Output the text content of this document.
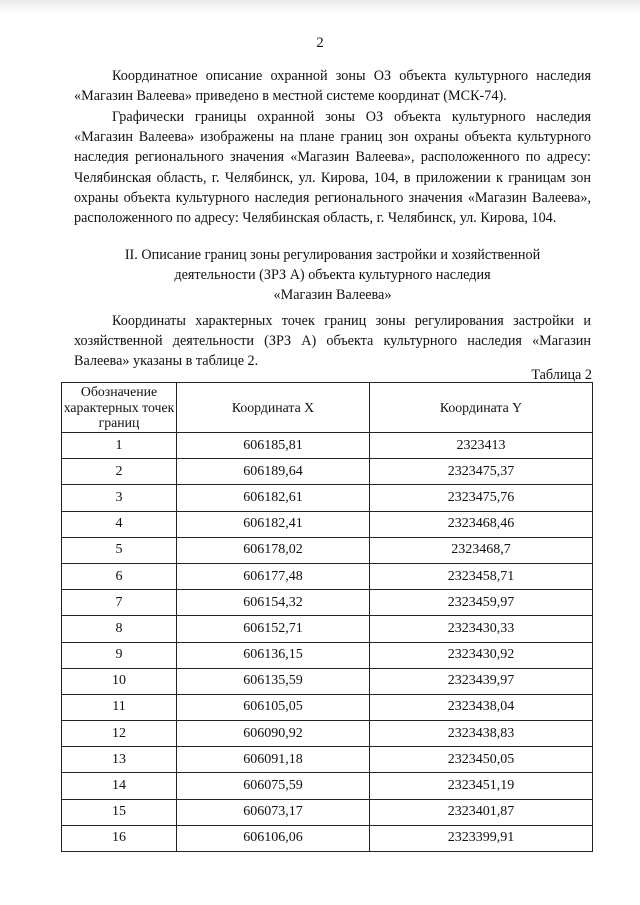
2

Координатное описание охранной зоны ОЗ объекта культурного наследия «Магазин Валеева» приведено в местной системе координат (МСК-74).

Графически границы охранной зоны ОЗ объекта культурного наследия «Магазин Валеева» изображены на плане границ зон охраны объекта культурного наследия регионального значения «Магазин Валеева», расположенного по адресу: Челябинская область, г. Челябинск, ул. Кирова, 104, в приложении к границам зон охраны объекта культурного наследия регионального значения «Магазин Валеева», расположенного по адресу: Челябинская область, г. Челябинск, ул. Кирова, 104.

II. Описание границ зоны регулирования застройки и хозяйственной
деятельности (ЗРЗ А) объекта культурного наследия
«Магазин Валеева»

Координаты характерных точек границ зоны регулирования застройки и хозяйственной деятельности (ЗРЗ А) объекта культурного наследия «Магазин Валеева» указаны в таблице 2.

Таблица 2
Обозначение характерных точек границ	Координата X	Координата Y
1	606185,81	2323413
2	606189,64	2323475,37
3	606182,61	2323475,76
4	606182,41	2323468,46
5	606178,02	2323468,7
6	606177,48	2323458,71
7	606154,32	2323459,97
8	606152,71	2323430,33
9	606136,15	2323430,92
10	606135,59	2323439,97
11	606105,05	2323438,04
12	606090,92	2323438,83
13	606091,18	2323450,05
14	606075,59	2323451,19
15	606073,17	2323401,87
16	606106,06	2323399,91
